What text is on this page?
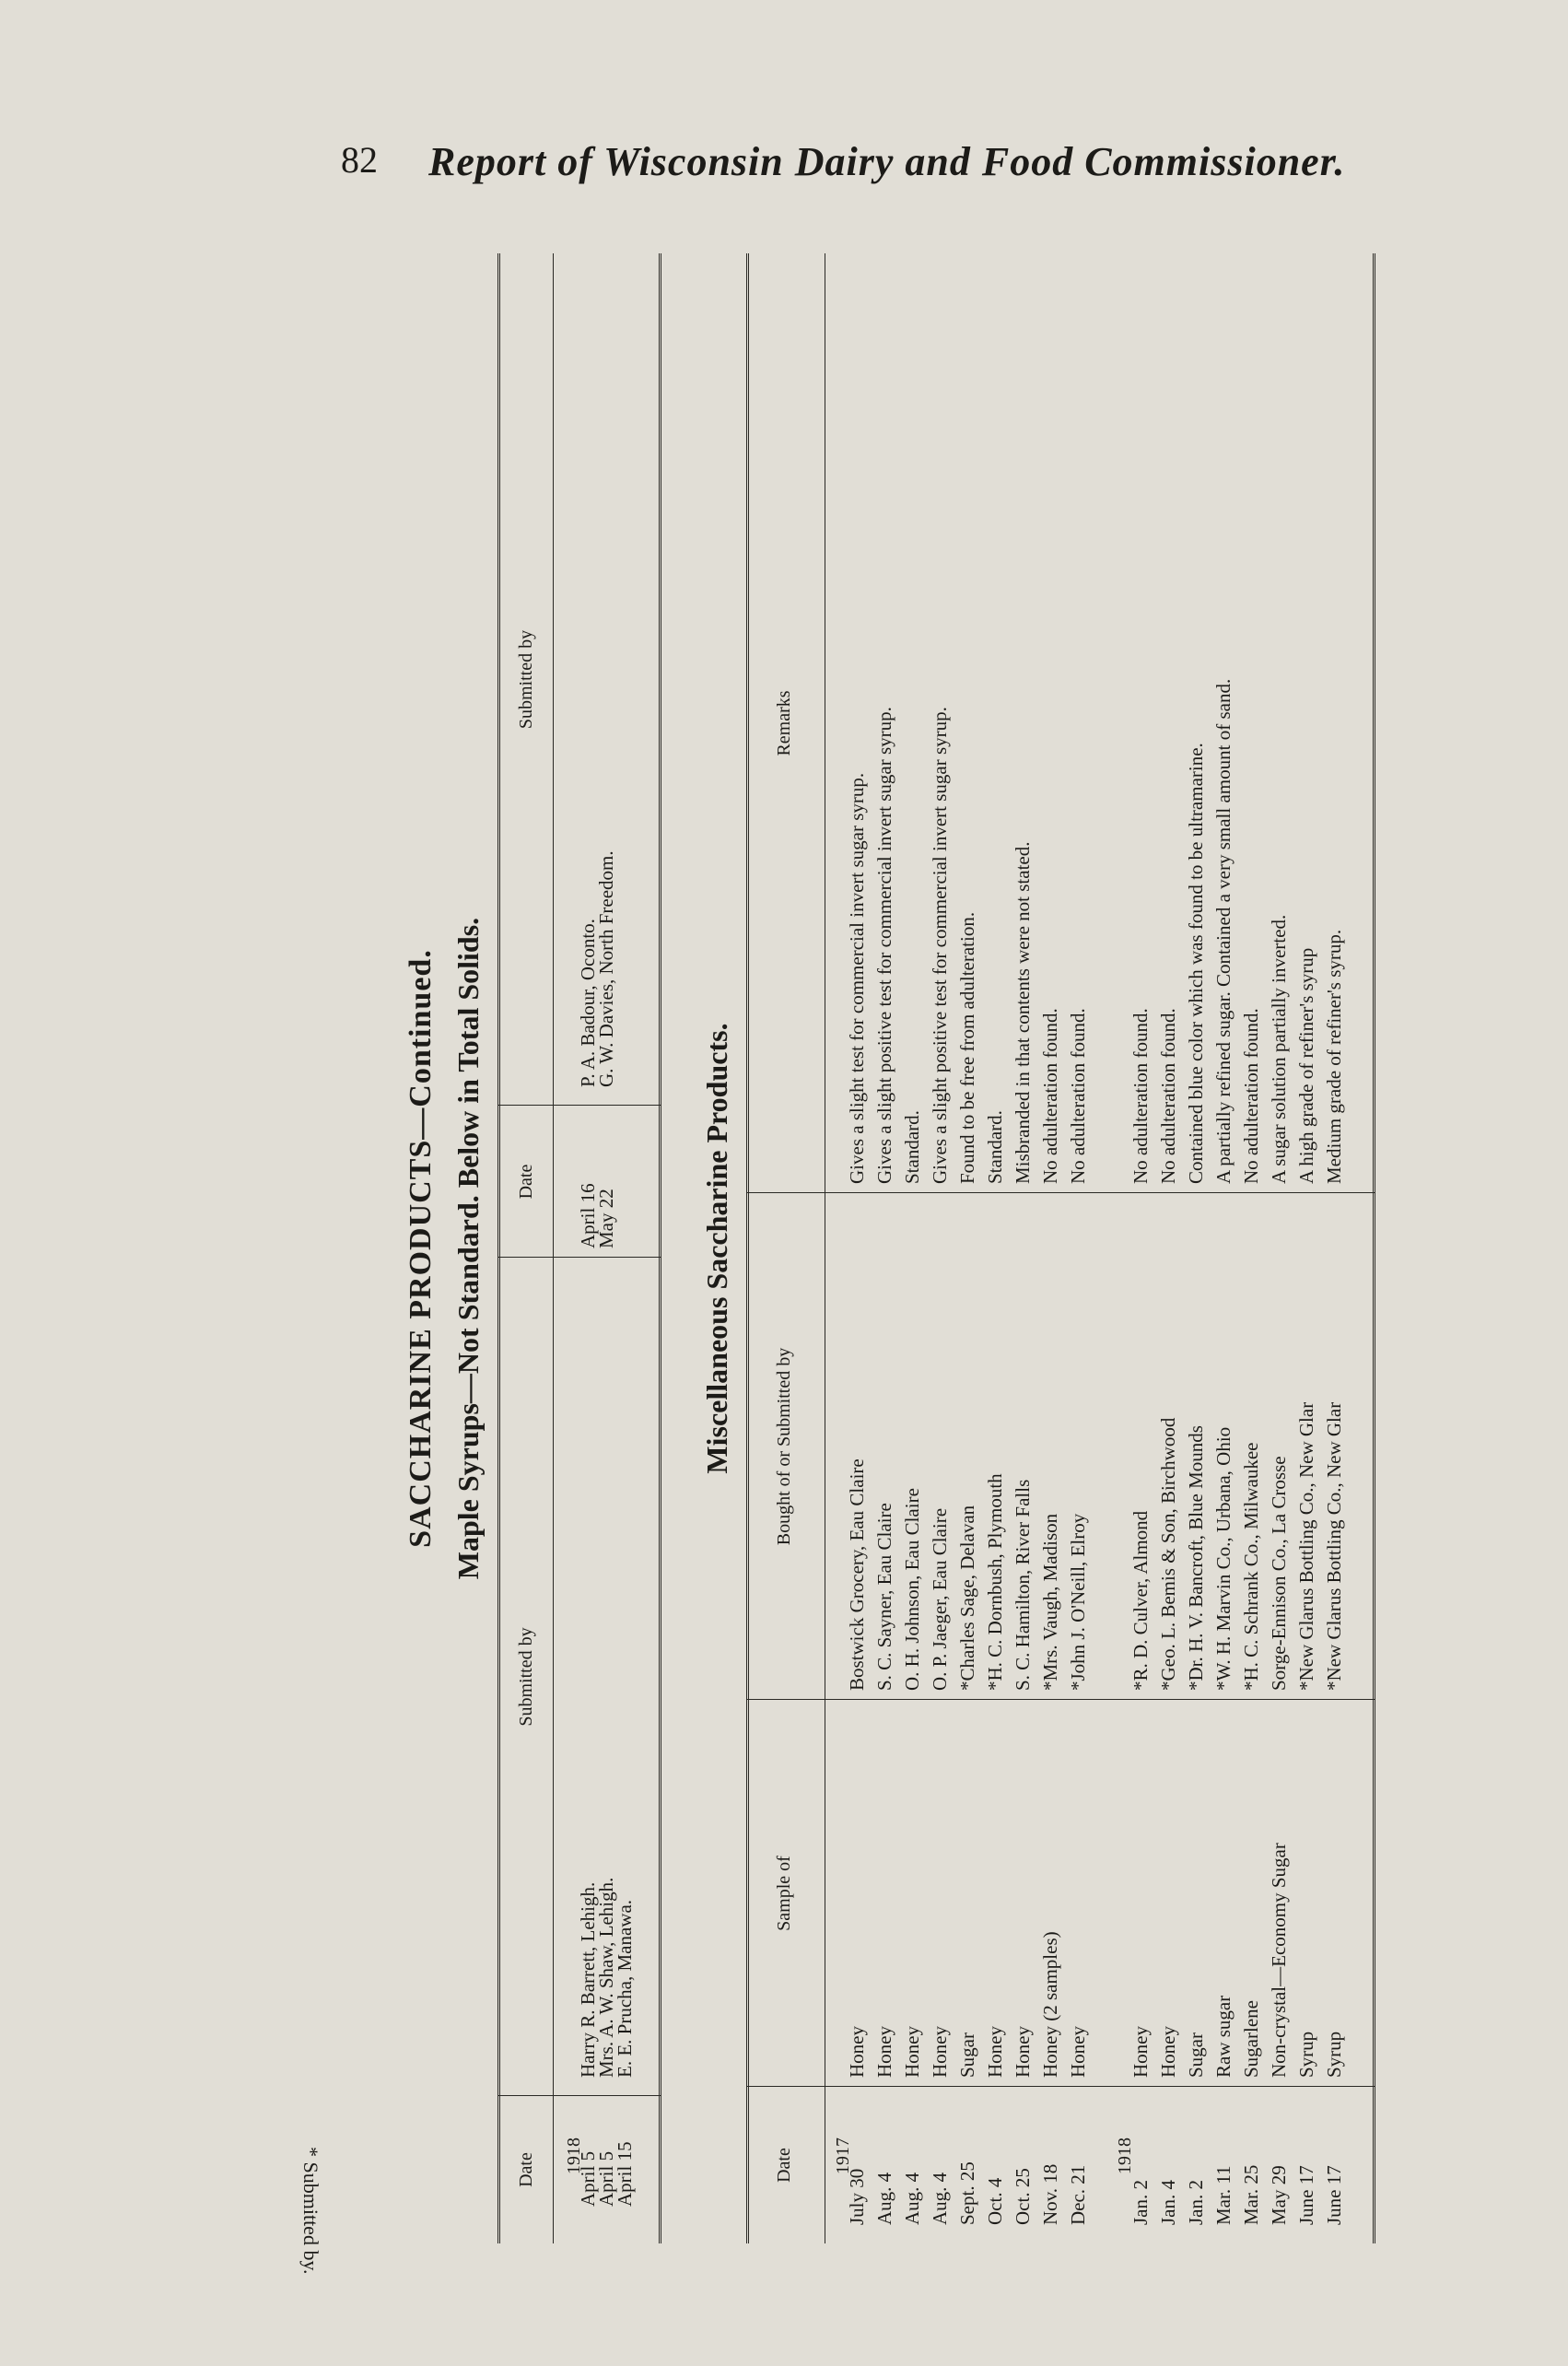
82 Report of Wisconsin Dairy and Food Commissioner.
SACCHARINE PRODUCTS—Continued. Maple Syrups—Not Standard. Below in Total Solids.
Date
Submitted by
Date
Submitted by
1918
April 5
Harry R. Barrett, Lehigh.
April 16
P. A. Badour, Oconto.
April 5
Mrs. A. W. Shaw, Lehigh.
May 22
G. W. Davies, North Freedom.
April 15
E. E. Prucha, Manawa.
Miscellaneous Saccharine Products.
Date
Sample of
Bought of or Submitted by
Remarks
1917
July 30
Honey
Bostwick Grocery, Eau Claire
Gives a slight test for commercial invert sugar syrup.
Aug. 4
Honey
S. C. Sayner, Eau Claire
Gives a slight positive test for commercial invert sugar syrup.
Aug. 4
Honey
O. H. Johnson, Eau Claire
Standard.
Aug. 4
Honey
O. P. Jaeger, Eau Claire
Gives a slight positive test for commercial invert sugar syrup.
Sept. 25
Sugar
*Charles Sage, Delavan
Found to be free from adulteration.
Oct. 4
Honey
*H. C. Dornbush, Plymouth
Standard.
Oct. 25
Honey
S. C. Hamilton, River Falls
Misbranded in that contents were not stated.
Nov. 18
Honey (2 samples)
*Mrs. Vaugh, Madison
No adulteration found.
Dec. 21
Honey
*John J. O'Neill, Elroy
No adulteration found.
1918
Jan. 2
Honey
*R. D. Culver, Almond
No adulteration found.
Jan. 4
Honey
*Geo. L. Bemis & Son, Birchwood
No adulteration found.
Jan. 2
Sugar
*Dr. H. V. Bancroft, Blue Mounds
Contained blue color which was found to be ultramarine.
Mar. 11
Raw sugar
*W. H. Marvin Co., Urbana, Ohio
A partially refined sugar. Contained a very small amount of sand.
Mar. 25
Sugarlene
*H. C. Schrank Co., Milwaukee
No adulteration found.
May 29
Non-crystal—Economy Sugar
Sorge-Ennison Co., La Crosse
A sugar solution partially inverted.
June 17
Syrup
*New Glarus Bottling Co., New Glar
A high grade of refiner's syrup
June 17
Syrup
*New Glarus Bottling Co., New Glar
Medium grade of refiner's syrup.
* Submitted by.
